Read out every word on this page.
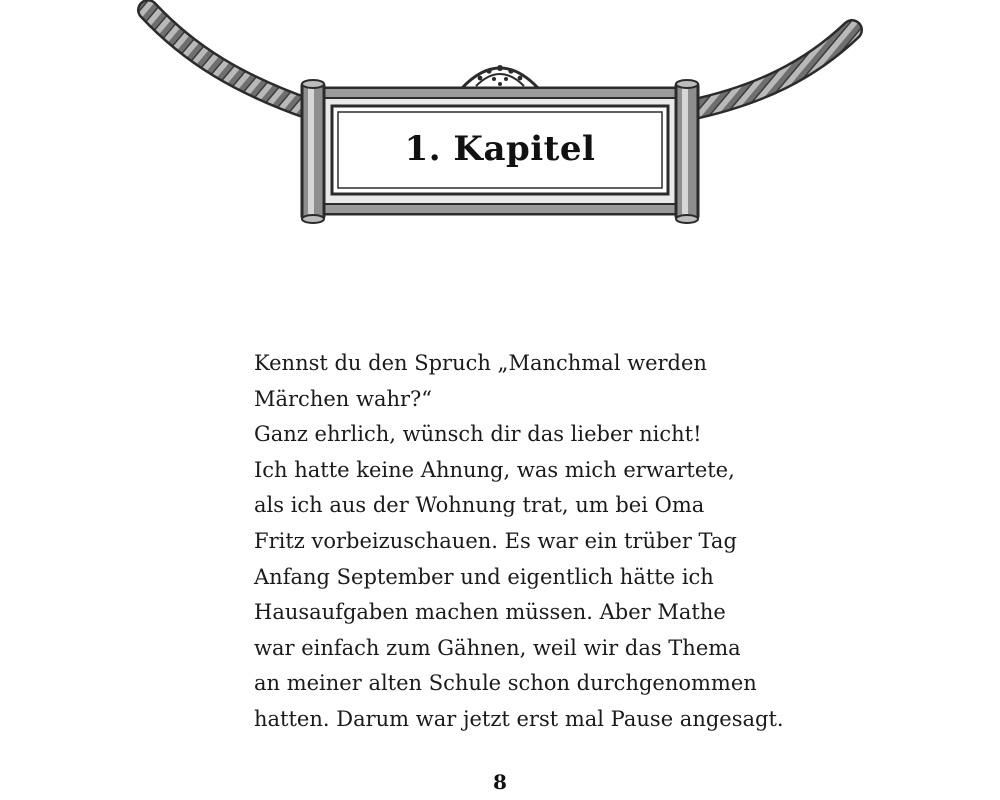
1. Kapitel
Kennst du den Spruch „Manchmal werden
Märchen wahr?“
Ganz ehrlich, wünsch dir das lieber nicht!
Ich hatte keine Ahnung, was mich erwartete,
als ich aus der Wohnung trat, um bei Oma
Fritz vorbeizuschauen. Es war ein trüber Tag
Anfang September und eigentlich hätte ich
Hausaufgaben machen müssen. Aber Mathe
war einfach zum Gähnen, weil wir das Thema
an meiner alten Schule schon durchgenommen
hatten. Darum war jetzt erst mal Pause angesagt.
8
